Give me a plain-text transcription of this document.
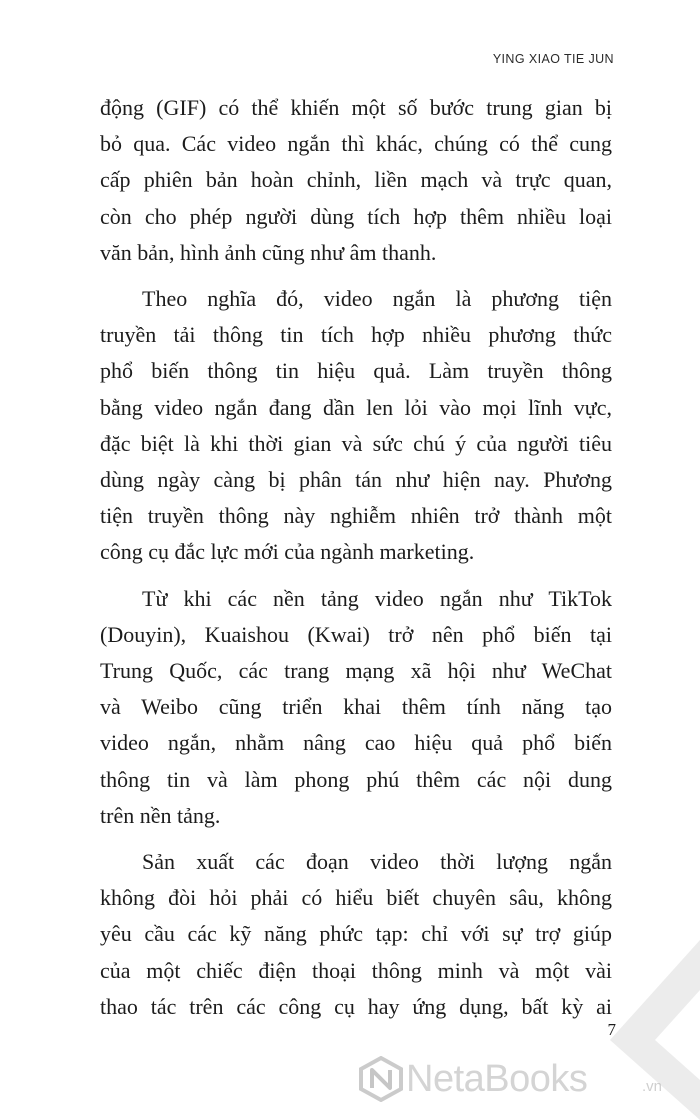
YING XIAO TIE JUN

động (GIF) có thể khiến một số bước trung gian bị
bỏ qua. Các video ngắn thì khác, chúng có thể cung
cấp phiên bản hoàn chỉnh, liền mạch và trực quan,
còn cho phép người dùng tích hợp thêm nhiều loại
văn bản, hình ảnh cũng như âm thanh.

Theo nghĩa đó, video ngắn là phương tiện
truyền tải thông tin tích hợp nhiều phương thức
phổ biến thông tin hiệu quả. Làm truyền thông
bằng video ngắn đang dần len lỏi vào mọi lĩnh vực,
đặc biệt là khi thời gian và sức chú ý của người tiêu
dùng ngày càng bị phân tán như hiện nay. Phương
tiện truyền thông này nghiễm nhiên trở thành một
công cụ đắc lực mới của ngành marketing.

Từ khi các nền tảng video ngắn như TikTok
(Douyin), Kuaishou (Kwai) trở nên phổ biến tại
Trung Quốc, các trang mạng xã hội như WeChat
và Weibo cũng triển khai thêm tính năng tạo
video ngắn, nhằm nâng cao hiệu quả phổ biến
thông tin và làm phong phú thêm các nội dung
trên nền tảng.

Sản xuất các đoạn video thời lượng ngắn
không đòi hỏi phải có hiểu biết chuyên sâu, không
yêu cầu các kỹ năng phức tạp: chỉ với sự trợ giúp
của một chiếc điện thoại thông minh và một vài
thao tác trên các công cụ hay ứng dụng, bất kỳ ai

7
NetaBooks	.vn
